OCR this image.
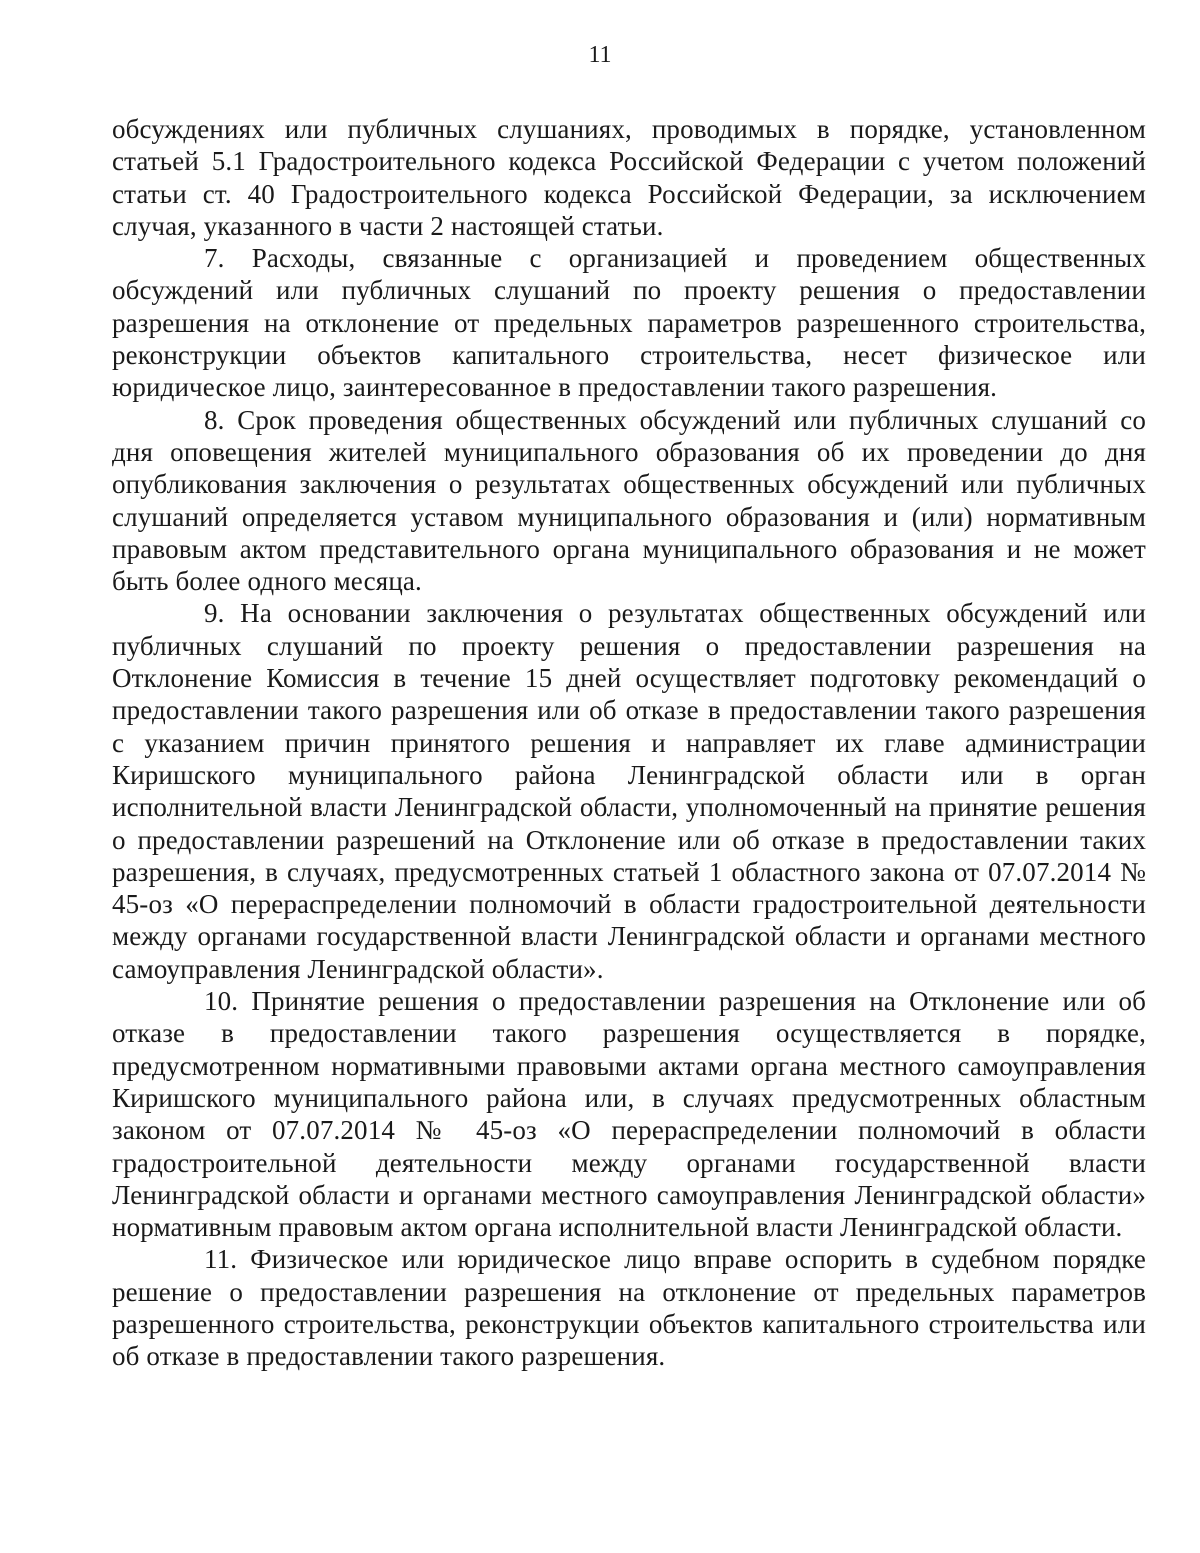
11

обсуждениях или публичных слушаниях, проводимых в порядке, установленном статьей 5.1 Градостроительного кодекса Российской Федерации с учетом положений статьи ст. 40 Градостроительного кодекса Российской Федерации, за исключением случая, указанного в части 2 настоящей статьи.

7. Расходы, связанные с организацией и проведением общественных обсуждений или публичных слушаний по проекту решения о предоставлении разрешения на отклонение от предельных параметров разрешенного строительства, реконструкции объектов капитального строительства, несет физическое или юридическое лицо, заинтересованное в предоставлении такого разрешения.

8. Срок проведения общественных обсуждений или публичных слушаний со дня оповещения жителей муниципального образования об их проведении до дня опубликования заключения о результатах общественных обсуждений или публичных слушаний определяется уставом муниципального образования и (или) нормативным правовым актом представительного органа муниципального образования и не может быть более одного месяца.

9. На основании заключения о результатах общественных обсуждений или публичных слушаний по проекту решения о предоставлении разрешения на Отклонение Комиссия в течение 15 дней осуществляет подготовку рекомендаций о предоставлении такого разрешения или об отказе в предоставлении такого разрешения с указанием причин принятого решения и направляет их главе администрации Киришского муниципального района Ленинградской области или в орган исполнительной власти Ленинградской области, уполномоченный на принятие решения о предоставлении разрешений на Отклонение или об отказе в предоставлении таких разрешения, в случаях, предусмотренных статьей 1 областного закона от 07.07.2014 № 45-оз «О перераспределении полномочий в области градостроительной деятельности между органами государственной власти Ленинградской области и органами местного самоуправления Ленинградской области».

10. Принятие решения о предоставлении разрешения на Отклонение или об отказе в предоставлении такого разрешения осуществляется в порядке, предусмотренном нормативными правовыми актами органа местного самоуправления Киришского муниципального района или, в случаях предусмотренных областным законом от 07.07.2014 № 45-оз «О перераспределении полномочий в области градостроительной деятельности между органами государственной власти Ленинградской области и органами местного самоуправления Ленинградской области» нормативным правовым актом органа исполнительной власти Ленинградской области.

11. Физическое или юридическое лицо вправе оспорить в судебном порядке решение о предоставлении разрешения на отклонение от предельных параметров разрешенного строительства, реконструкции объектов капитального строительства или об отказе в предоставлении такого разрешения.
